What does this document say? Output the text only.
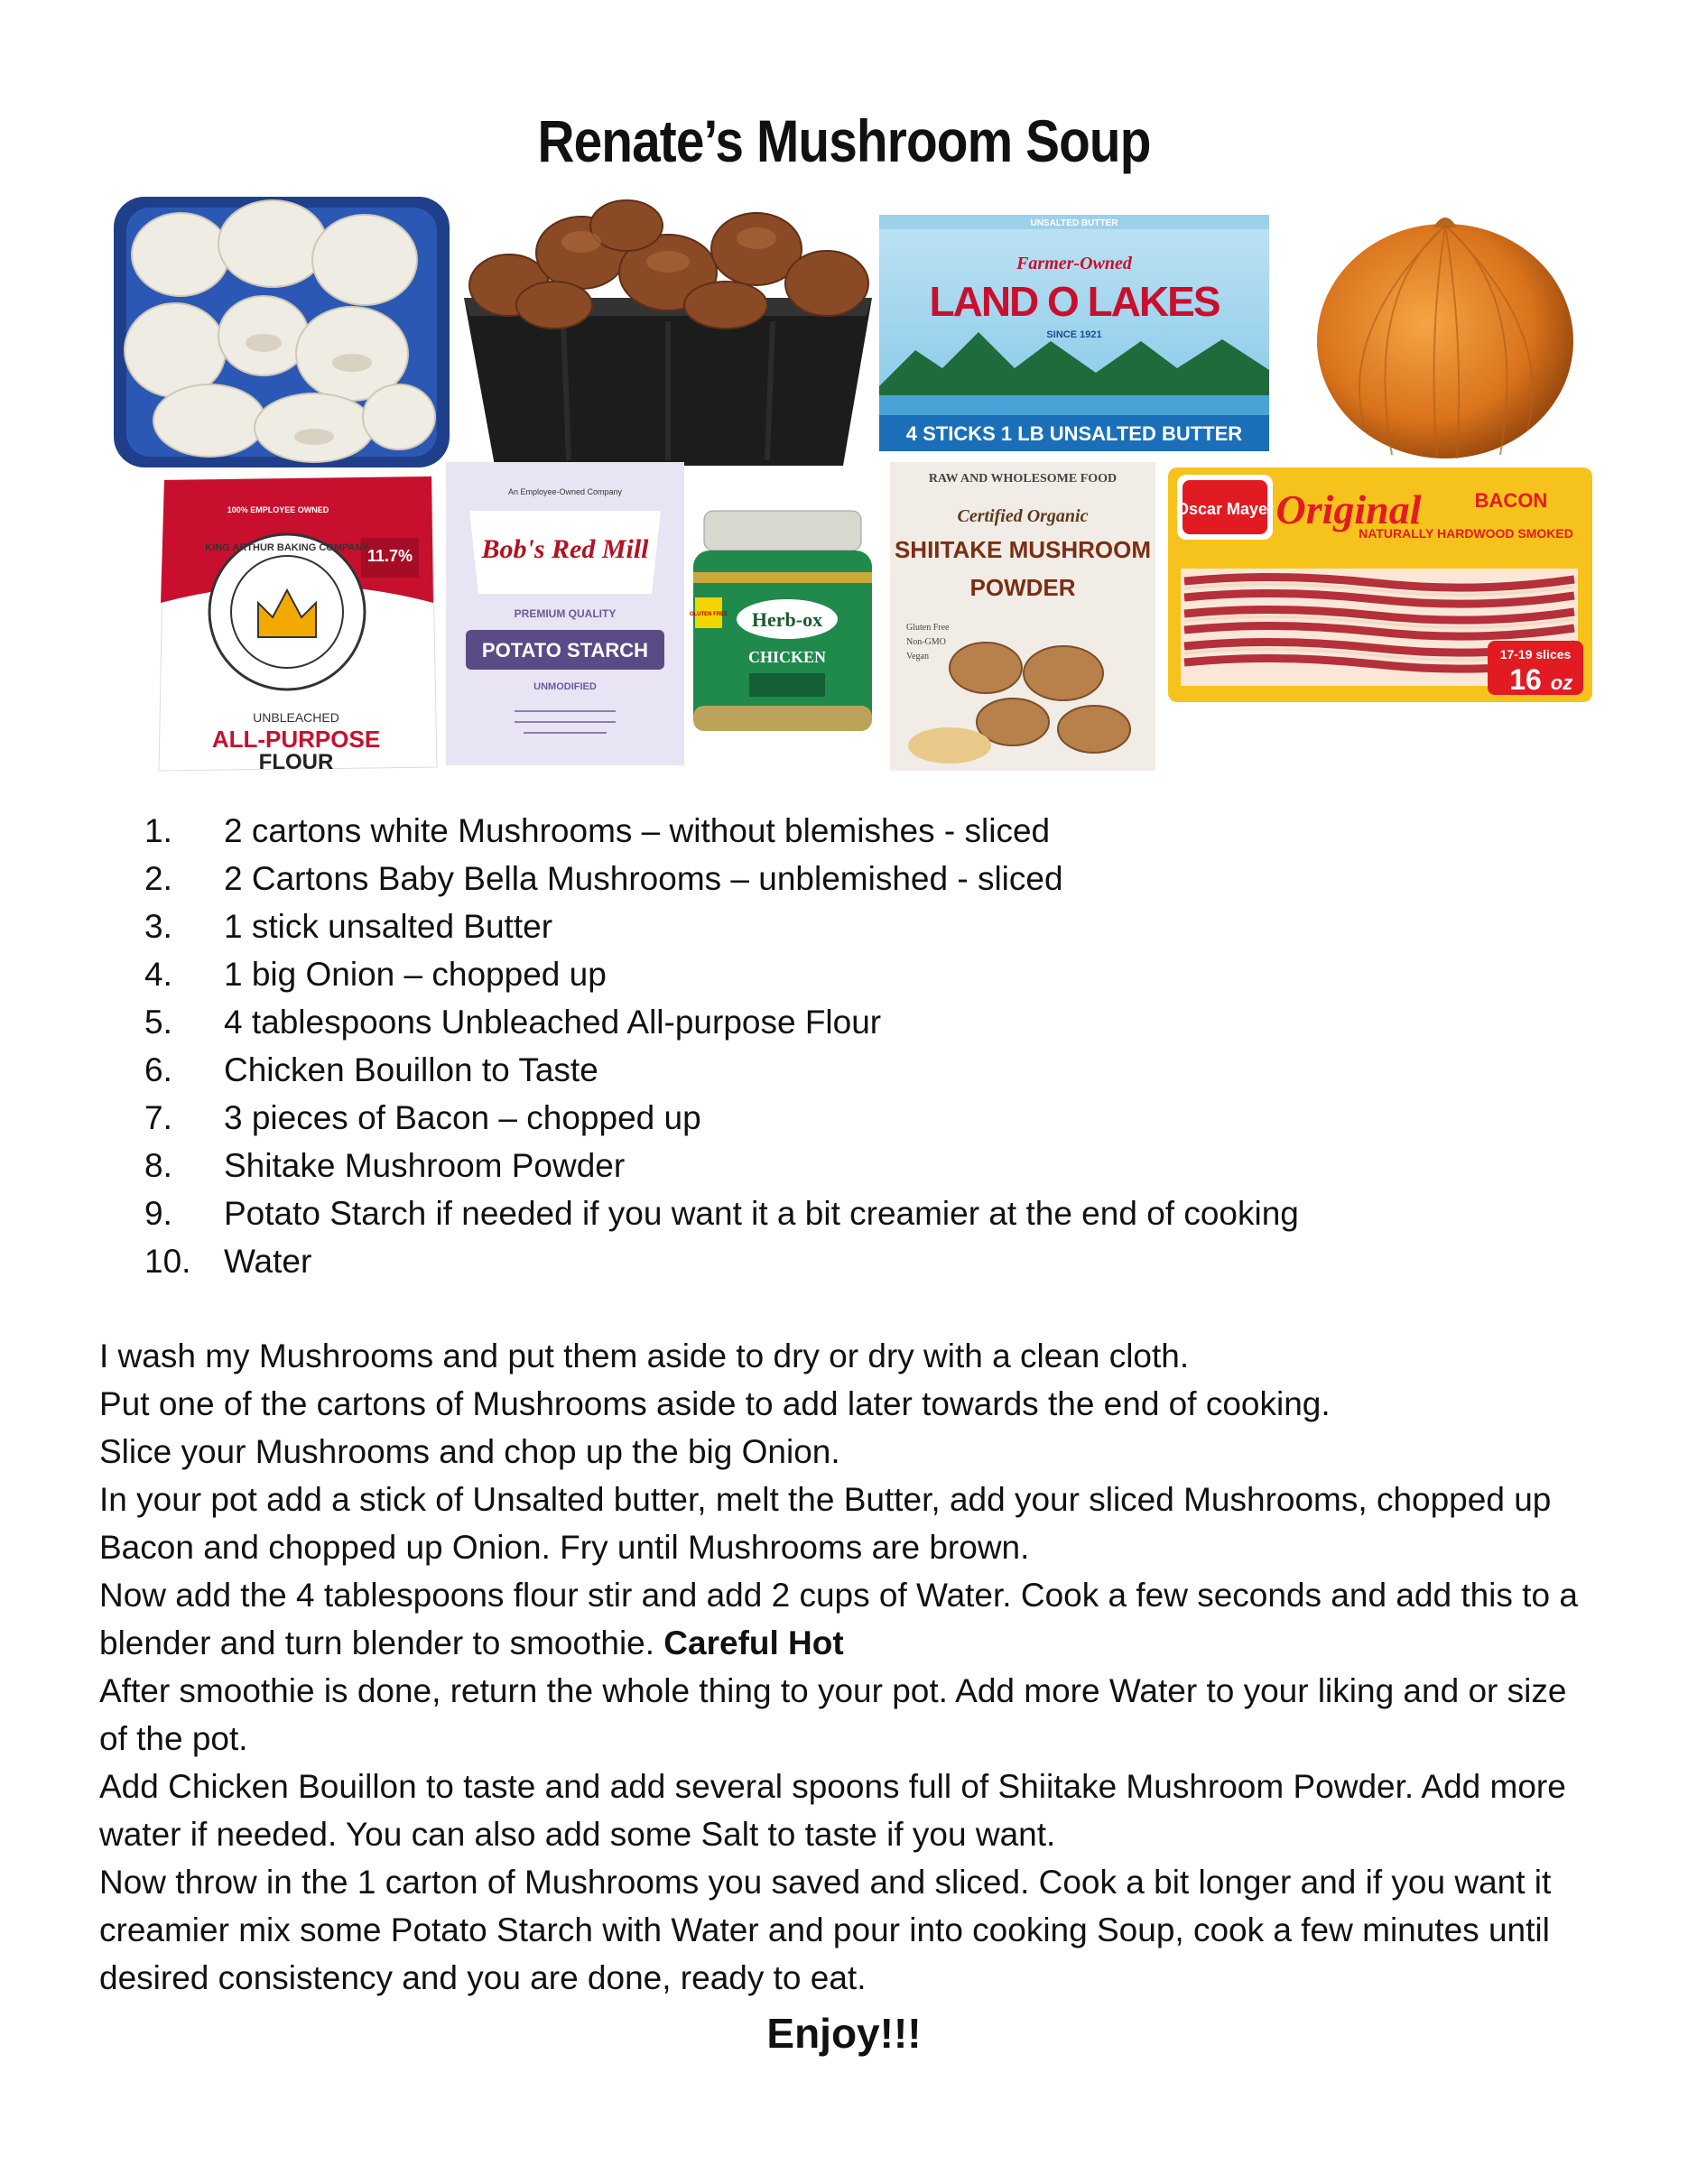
Renate’s Mushroom Soup
UNSALTED BUTTER
Farmer-Owned
LAND O LAKES
SINCE 1921
4 STICKS 1 LB UNSALTED BUTTER
100% EMPLOYEE OWNED
11.7%
KING ARTHUR BAKING COMPANY
UNBLEACHED
ALL-PURPOSE
FLOUR
An Employee-Owned Company
Bob's Red Mill
PREMIUM QUALITY
POTATO STARCH
UNMODIFIED
GLUTEN FREE Herb-ox
CHICKEN
RAW AND WHOLESOME FOOD
Certified Organic
SHIITAKE MUSHROOM
POWDER
Gluten Free
Non-GMO
Vegan
Oscar Mayer Original	BACON
NATURALLY HARDWOOD SMOKED
17-19 slices
16 oz
1.	2 cartons white Mushrooms – without blemishes - sliced
2.	2 Cartons Baby Bella Mushrooms – unblemished - sliced
3.	1 stick unsalted Butter
4.	1 big Onion – chopped up
5.	4 tablespoons Unbleached All-purpose Flour
6.	Chicken Bouillon to Taste
7.	3 pieces of Bacon – chopped up
8.	Shitake Mushroom Powder
9.	Potato Starch if needed if you want it a bit creamier at the end of cooking
10. Water

I wash my Mushrooms and put them aside to dry or dry with a clean cloth.

Put one of the cartons of Mushrooms aside to add later towards the end of cooking.

Slice your Mushrooms and chop up the big Onion.

In your pot add a stick of Unsalted butter, melt the Butter, add your sliced Mushrooms, chopped up Bacon and chopped up Onion. Fry until Mushrooms are brown.

Now add the 4 tablespoons flour stir and add 2 cups of Water. Cook a few seconds and add this to a blender and turn blender to smoothie. Careful Hot

After smoothie is done, return the whole thing to your pot. Add more Water to your liking and or size of the pot.

Add Chicken Bouillon to taste and add several spoons full of Shiitake Mushroom Powder. Add more water if needed. You can also add some Salt to taste if you want.

Now throw in the 1 carton of Mushrooms you saved and sliced. Cook a bit longer and if you want it creamier mix some Potato Starch with Water and pour into cooking Soup, cook a few minutes until desired consistency and you are done, ready to eat.

Enjoy!!!
